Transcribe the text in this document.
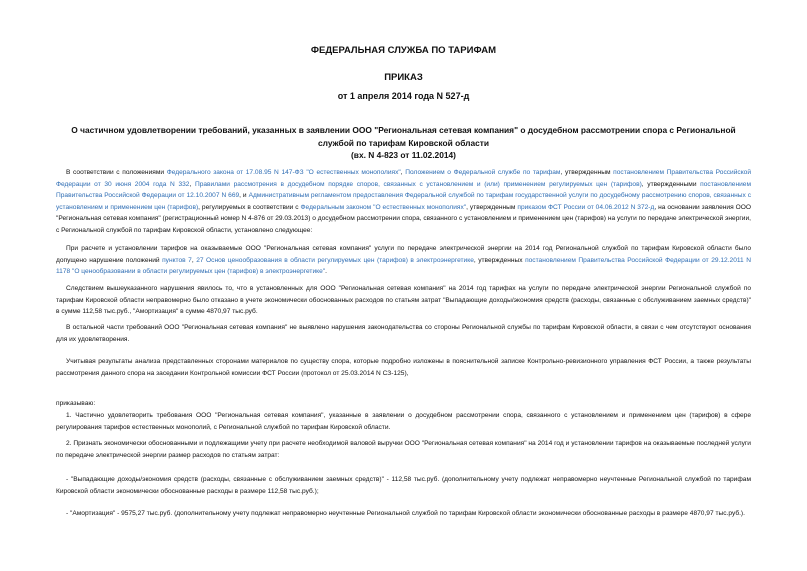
ФЕДЕРАЛЬНАЯ СЛУЖБА ПО ТАРИФАМ
ПРИКАЗ
от 1 апреля 2014 года N 527-д
О частичном удовлетворении требований, указанных в заявлении ООО "Региональная сетевая компания" о досудебном рассмотрении спора с Региональной
службой по тарифам Кировской области
(вх. N 4-823 от 11.02.2014)
В соответствии с положениями Федерального закона от 17.08.95 N 147-ФЗ "О естественных монополиях", Положением о Федеральной службе по тарифам, утвержденным постановлением Правительства Российской Федерации от 30 июня 2004 года N 332, Правилами рассмотрения в досудебном порядке споров, связанных с установлением и (или) применением регулируемых цен (тарифов), утвержденными постановлением Правительства Российской Федерации от 12.10.2007 N 669, и Административным регламентом предоставления Федеральной службой по тарифам государственной услуги по досудебному рассмотрению споров, связанных с установлением и применением цен (тарифов), регулируемых в соответствии с Федеральным законом "О естественных монополиях", утвержденным приказом ФСТ России от 04.06.2012 N 372-д, на основании заявления ООО "Региональная сетевая компания" (регистрационный номер N 4-876 от 29.03.2013) о досудебном рассмотрении спора, связанного с установлением и применением цен (тарифов) на услуги по передаче электрической энергии, с Региональной службой по тарифам Кировской области, установлено следующее:
При расчете и установлении тарифов на оказываемые ООО "Региональная сетевая компания" услуги по передаче электрической энергии на 2014 год Региональной службой по тарифам Кировской области было допущено нарушение положений пунктов 7, 27 Основ ценообразования в области регулируемых цен (тарифов) в электроэнергетике, утвержденных постановлением Правительства Российской Федерации от 29.12.2011 N 1178 "О ценообразовании в области регулируемых цен (тарифов) в электроэнергетике".
Следствием вышеуказанного нарушения явилось то, что в установленных для ООО "Региональная сетевая компания" на 2014 год тарифах на услуги по передаче электрической энергии Региональной службой по тарифам Кировской области неправомерно было отказано в учете экономически обоснованных расходов по статьям затрат "Выпадающие доходы/экономия средств (расходы, связанные с обслуживанием заемных средств)" в сумме 112,58 тыс.руб., "Амортизация" в сумме 4870,97 тыс.руб.
В остальной части требований ООО "Региональная сетевая компания" не выявлено нарушения законодательства со стороны Региональной службы по тарифам Кировской области, в связи с чем отсутствуют основания для их удовлетворения.
Учитывая результаты анализа представленных сторонами материалов по существу спора, которые подробно изложены в пояснительной записке Контрольно-ревизионного управления ФСТ России, а также результаты рассмотрения данного спора на заседании Контрольной комиссии ФСТ России (протокол от 25.03.2014 N СЗ-125),
приказываю:
1. Частично удовлетворить требования ООО "Региональная сетевая компания", указанные в заявлении о досудебном рассмотрении спора, связанного с установлением и применением цен (тарифов) в сфере регулирования тарифов естественных монополий, с Региональной службой по тарифам Кировской области.
2. Признать экономически обоснованными и подлежащими учету при расчете необходимой валовой выручки ООО "Региональная сетевая компания" на 2014 год и установлении тарифов на оказываемые последней услуги по передаче электрической энергии размер расходов по статьям затрат:
- "Выпадающие доходы/экономия средств (расходы, связанные с обслуживанием заемных средств)" - 112,58 тыс.руб. (дополнительному учету подлежат неправомерно неучтенные Региональной службой по тарифам Кировской области экономически обоснованные расходы в размере 112,58 тыс.руб.);
- "Амортизация" - 9575,27 тыс.руб. (дополнительному учету подлежат неправомерно неучтенные Региональной службой по тарифам Кировской области экономически обоснованные расходы в размере 4870,97 тыс.руб.).
